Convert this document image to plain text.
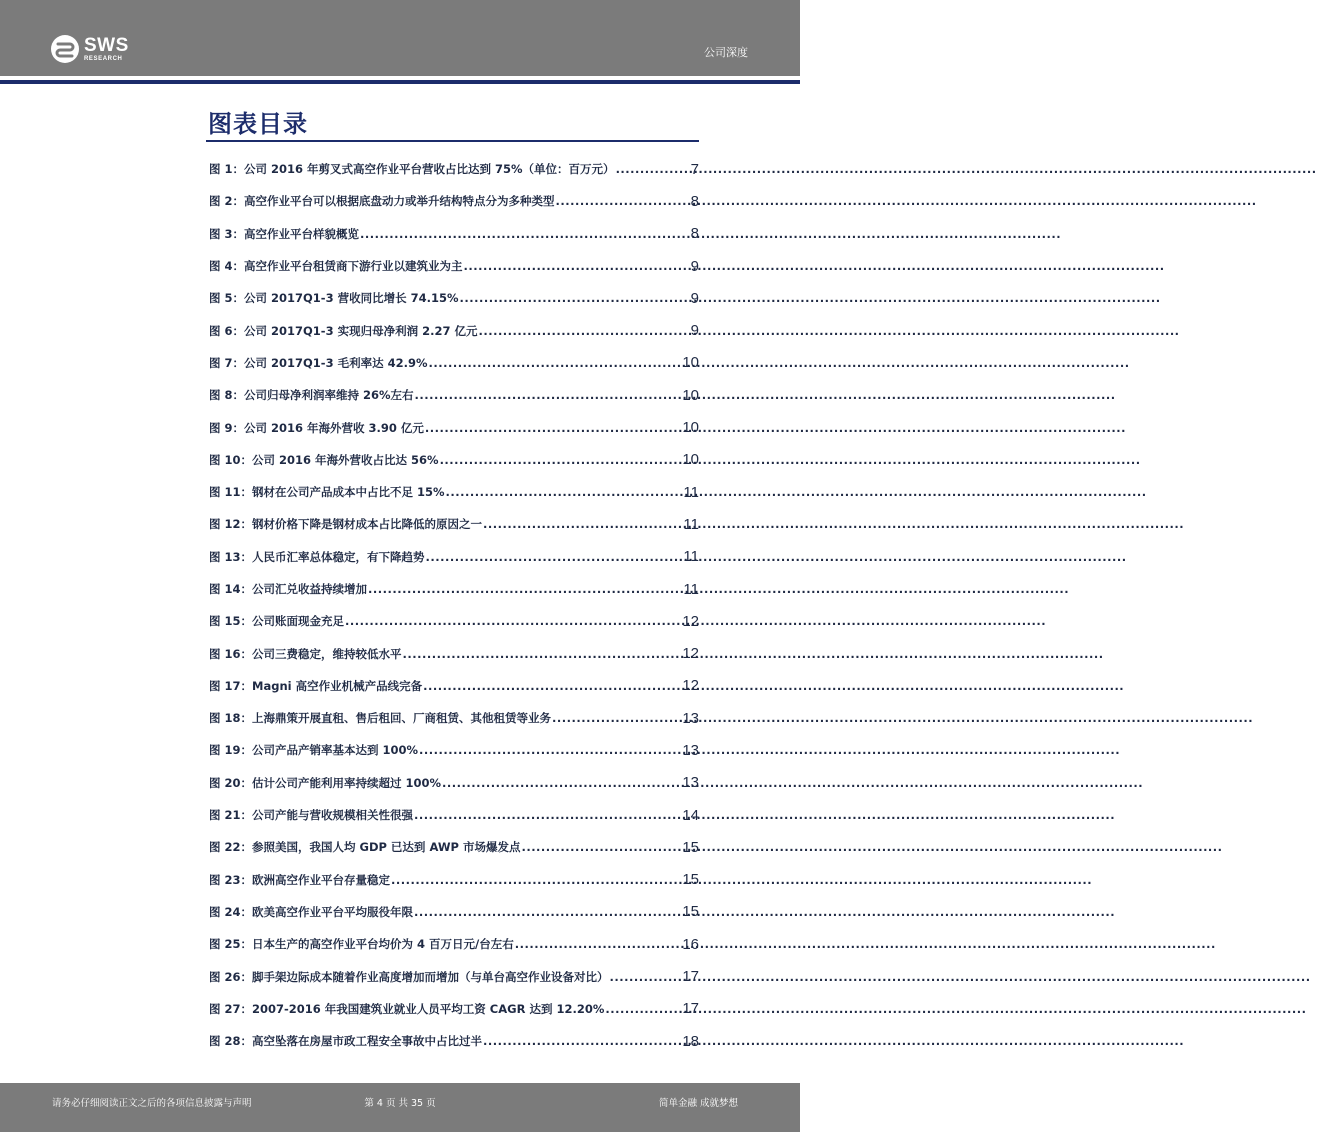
SWS
RESEARCH	公司深度
图表目录
图 1： 公司 2016 年剪叉式高空作业平台营收占比达到 75%（单位：百万元） .....	7
图 2： 高空作业平台可以根据底盘动力或举升结构特点分为多种类型 .....	8
图 3： 高空作业平台样貌概览 .....	8
图 4： 高空作业平台租赁商下游行业以建筑业为主 .....	9
图 5： 公司 2017Q1-3 营收同比增长 74.15% .....	9
图 6： 公司 2017Q1-3 实现归母净利润 2.27 亿元 .....	9
图 7： 公司 2017Q1-3 毛利率达 42.9% .....	10
图 8： 公司归母净利润率维持 26%左右 .....	10
图 9： 公司 2016 年海外营收 3.90 亿元 .....	10
图 10： 公司 2016 年海外营收占比达 56% .....	10
图 11： 钢材在公司产品成本中占比不足 15% .....	11
图 12： 钢材价格下降是钢材成本占比降低的原因之一 .....	11
图 13： 人民币汇率总体稳定，有下降趋势 .....	11
图 14： 公司汇兑收益持续增加 .....	11
图 15： 公司账面现金充足 .....	12
图 16： 公司三费稳定，维持较低水平 .....	12
图 17： Magni 高空作业机械产品线完备 .....	12
图 18： 上海鼎策开展直租、售后租回、厂商租赁、其他租赁等业务 .....	13
图 19： 公司产品产销率基本达到 100% .....	13
图 20： 估计公司产能利用率持续超过 100% .....	13
图 21： 公司产能与营收规模相关性很强 .....	14
图 22： 参照美国，我国人均 GDP 已达到 AWP 市场爆发点 .....	15
图 23： 欧洲高空作业平台存量稳定 .....	15
图 24： 欧美高空作业平台平均服役年限 .....	15
图 25： 日本生产的高空作业平台均价为 4 百万日元/台左右 .....	16
图 26： 脚手架边际成本随着作业高度增加而增加（与单台高空作业设备对比） .....	17
图 27： 2007-2016 年我国建筑业就业人员平均工资 CAGR 达到 12.20% .....	17
图 28： 高空坠落在房屋市政工程安全事故中占比过半 .....	18
请务必仔细阅读正文之后的各项信息披露与声明	第 4 页 共 35 页	简单金融 成就梦想
